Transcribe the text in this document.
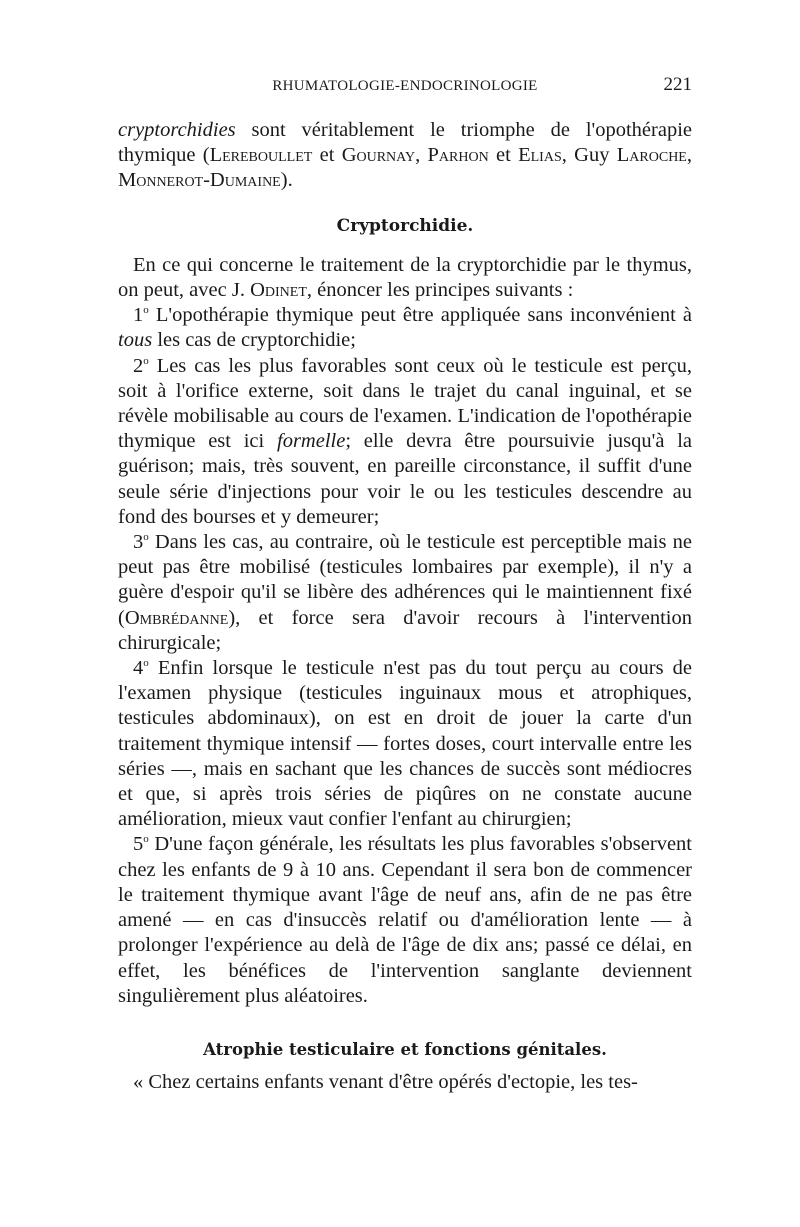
RHUMATOLOGIE-ENDOCRINOLOGIE	221

cryptorchidies sont véritablement le triomphe de l'opothérapie thymique (Lereboullet et Gournay, Parhon et Elias, Guy Laroche, Monnerot-Dumaine).

Cryptorchidie.

En ce qui concerne le traitement de la cryptorchidie par le thymus, on peut, avec J. Odinet, énoncer les principes suivants :

1$^o$ L'opothérapie thymique peut être appliquée sans inconvénient à tous les cas de cryptorchidie;

2$^o$ Les cas les plus favorables sont ceux où le testicule est perçu, soit à l'orifice externe, soit dans le trajet du canal inguinal, et se révèle mobilisable au cours de l'examen. L'indication de l'opothérapie thymique est ici formelle; elle devra être poursuivie jusqu'à la guérison; mais, très souvent, en pareille circonstance, il suffit d'une seule série d'injections pour voir le ou les testicules descendre au fond des bourses et y demeurer;

3$^o$ Dans les cas, au contraire, où le testicule est perceptible mais ne peut pas être mobilisé (testicules lombaires par exemple), il n'y a guère d'espoir qu'il se libère des adhérences qui le maintiennent fixé (Ombrédanne), et force sera d'avoir recours à l'intervention chirurgicale;

4$^o$ Enfin lorsque le testicule n'est pas du tout perçu au cours de l'examen physique (testicules inguinaux mous et atrophiques, testicules abdominaux), on est en droit de jouer la carte d'un traitement thymique intensif — fortes doses, court intervalle entre les séries —, mais en sachant que les chances de succès sont médiocres et que, si après trois séries de piqûres on ne constate aucune amélioration, mieux vaut confier l'enfant au chirurgien;

5$^o$ D'une façon générale, les résultats les plus favorables s'observent chez les enfants de 9 à 10 ans. Cependant il sera bon de commencer le traitement thymique avant l'âge de neuf ans, afin de ne pas être amené — en cas d'insuccès relatif ou d'amélioration lente — à prolonger l'expérience au delà de l'âge de dix ans; passé ce délai, en effet, les bénéfices de l'intervention sanglante deviennent singulièrement plus aléatoires.

Atrophie testiculaire et fonctions génitales.

« Chez certains enfants venant d'être opérés d'ectopie, les tes-
